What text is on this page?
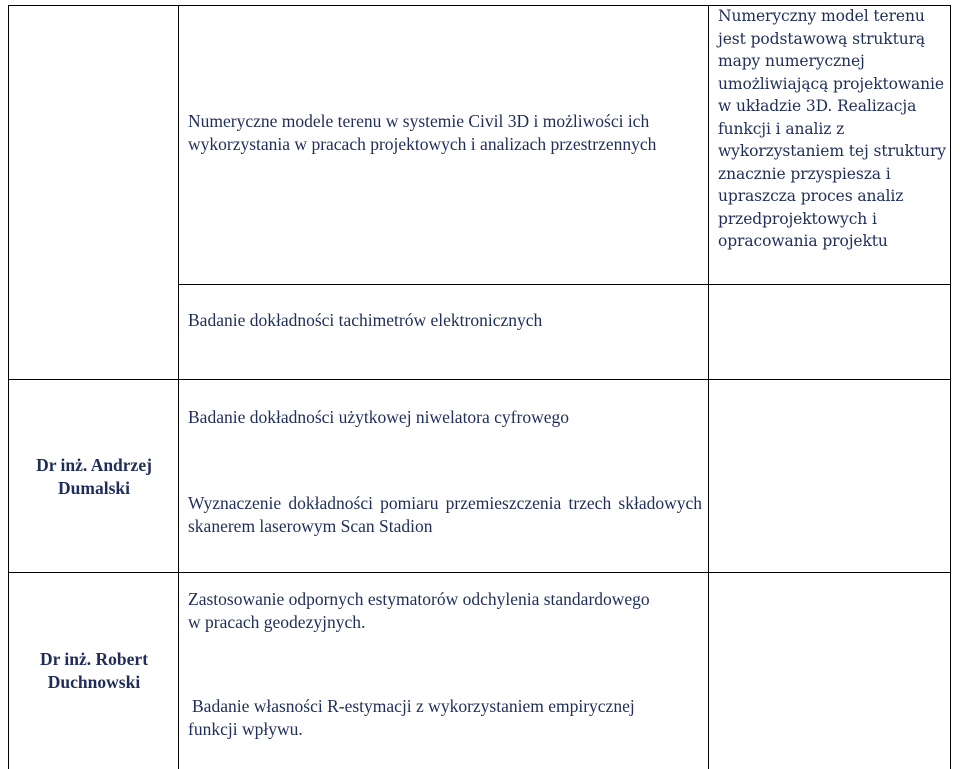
Numeryczne modele terenu w systemie Civil 3D i możliwości ich wykorzystania w pracach projektowych i analizach przestrzennych
Numeryczny model terenu jest podstawową strukturą mapy numerycznej umożliwiającą projektowanie w układzie 3D. Realizacja funkcji i analiz z wykorzystaniem tej struktury znacznie przyspiesza i upraszcza proces analiz przedprojektowych i opracowania projektu
Badanie dokładności tachimetrów elektronicznych
Dr inż. Andrzej Dumalski
Badanie dokładności użytkowej niwelatora cyfrowego
Wyznaczenie dokładności pomiaru przemieszczenia trzech składowych skanerem laserowym Scan Stadion
Dr inż. Robert Duchnowski
Zastosowanie odpornych estymatorów odchylenia standardowego w pracach geodezyjnych.
Badanie własności R-estymacji z wykorzystaniem empirycznej funkcji wpływu.
